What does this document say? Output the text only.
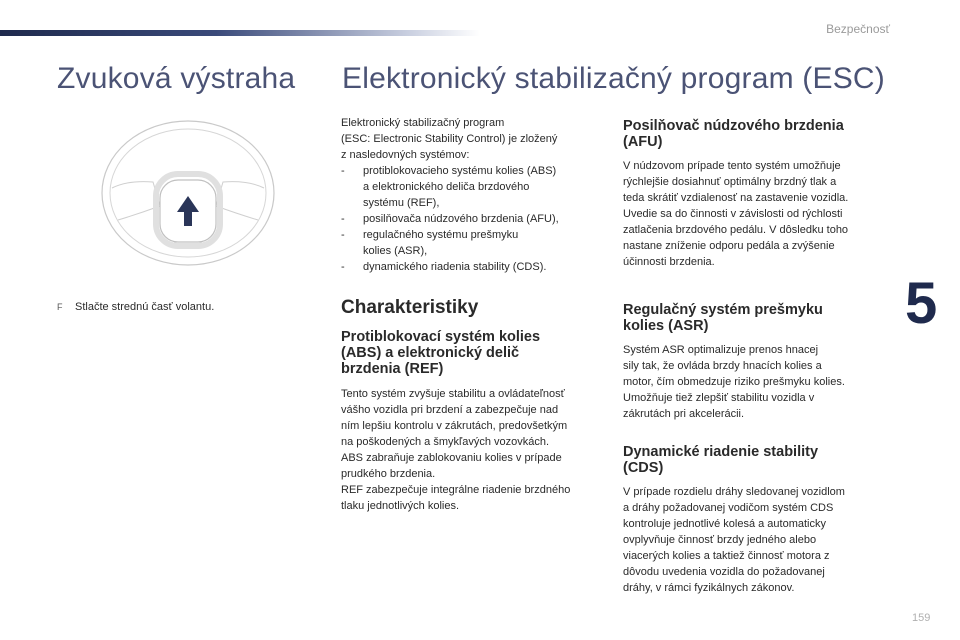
Bezpečnosť
5
159
Zvuková výstraha Elektronický stabilizačný program (ESC)
F Stlačte strednú časť volantu.

Elektronický stabilizačný program

(ESC: Electronic Stability Control) je zložený

z nasledovných systémov:

-	protiblokovacieho systému kolies (ABS)
a elektronického deliča brzdového
systému (REF),
-	posilňovača núdzového brzdenia (AFU),
-	regulačného systému prešmyku
kolies (ASR),
-	dynamického riadenia stability (CDS).
Charakteristiky
Protiblokovací systém kolies
(ABS) a elektronický delič
brzdenia (REF)

Tento systém zvyšuje stabilitu a ovládateľnosť

vášho vozidla pri brzdení a zabezpečuje nad

ním lepšiu kontrolu v zákrutách, predovšetkým

na poškodených a šmykľavých vozovkách.

ABS zabraňuje zablokovaniu kolies v prípade

prudkého brzdenia.

REF zabezpečuje integrálne riadenie brzdného

tlaku jednotlivých kolies.

Posilňovač núdzového brzdenia
(AFU)

V núdzovom prípade tento systém umožňuje

rýchlejšie dosiahnuť optimálny brzdný tlak a

teda skrátiť vzdialenosť na zastavenie vozidla.

Uvedie sa do činnosti v závislosti od rýchlosti

zatlačenia brzdového pedálu. V dôsledku toho

nastane zníženie odporu pedála a zvýšenie

účinnosti brzdenia.

Regulačný systém prešmyku
kolies (ASR)

Systém ASR optimalizuje prenos hnacej

sily tak, že ovláda brzdy hnacích kolies a

motor, čím obmedzuje riziko prešmyku kolies.

Umožňuje tiež zlepšiť stabilitu vozidla v

zákrutách pri akcelerácii.

Dynamické riadenie stability
(CDS)

V prípade rozdielu dráhy sledovanej vozidlom

a dráhy požadovanej vodičom systém CDS

kontroluje jednotlivé kolesá a automaticky

ovplyvňuje činnosť brzdy jedného alebo

viacerých kolies a taktiež činnosť motora z

dôvodu uvedenia vozidla do požadovanej

dráhy, v rámci fyzikálnych zákonov.
